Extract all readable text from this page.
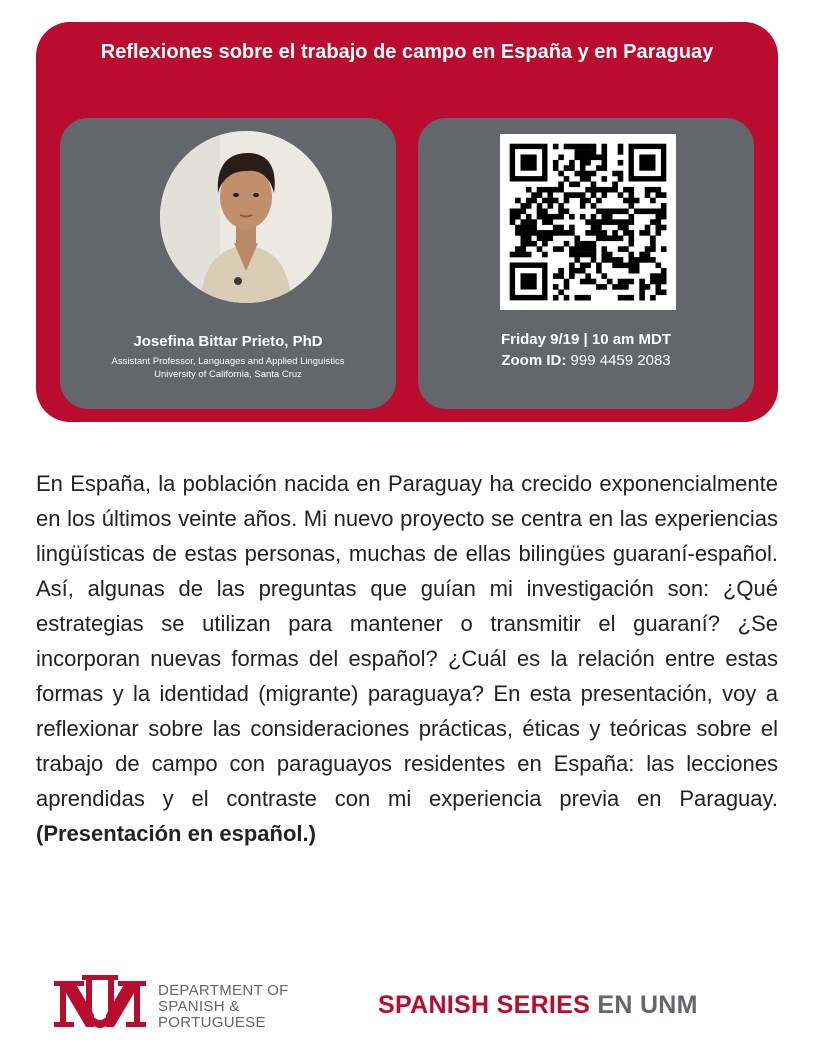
Reflexiones sobre el trabajo de campo en España y en Paraguay
Josefina Bittar Prieto, PhD
Assistant Professor, Languages and Applied Linguistics
University of California, Santa Cruz
Friday 9/19 | 10 am MDT
Zoom ID: 999 4459 2083
En España, la población nacida en Paraguay ha crecido exponencialmente en los últimos veinte años. Mi nuevo proyecto se centra en las experiencias lingüísticas de estas personas, muchas de ellas bilingües guaraní-español. Así, algunas de las preguntas que guían mi investigación son: ¿Qué estrategias se utilizan para mantener o transmitir el guaraní? ¿Se incorporan nuevas formas del español? ¿Cuál es la relación entre estas formas y la identidad (migrante) paraguaya? En esta presentación, voy a reflexionar sobre las consideraciones prácticas, éticas y teóricas sobre el trabajo de campo con paraguayos residentes en España: las lecciones aprendidas y el contraste con mi experiencia previa en Paraguay. (Presentación en español.)
DEPARTMENT OF
SPANISH &
PORTUGUESE
SPANISH SERIES EN UNM
